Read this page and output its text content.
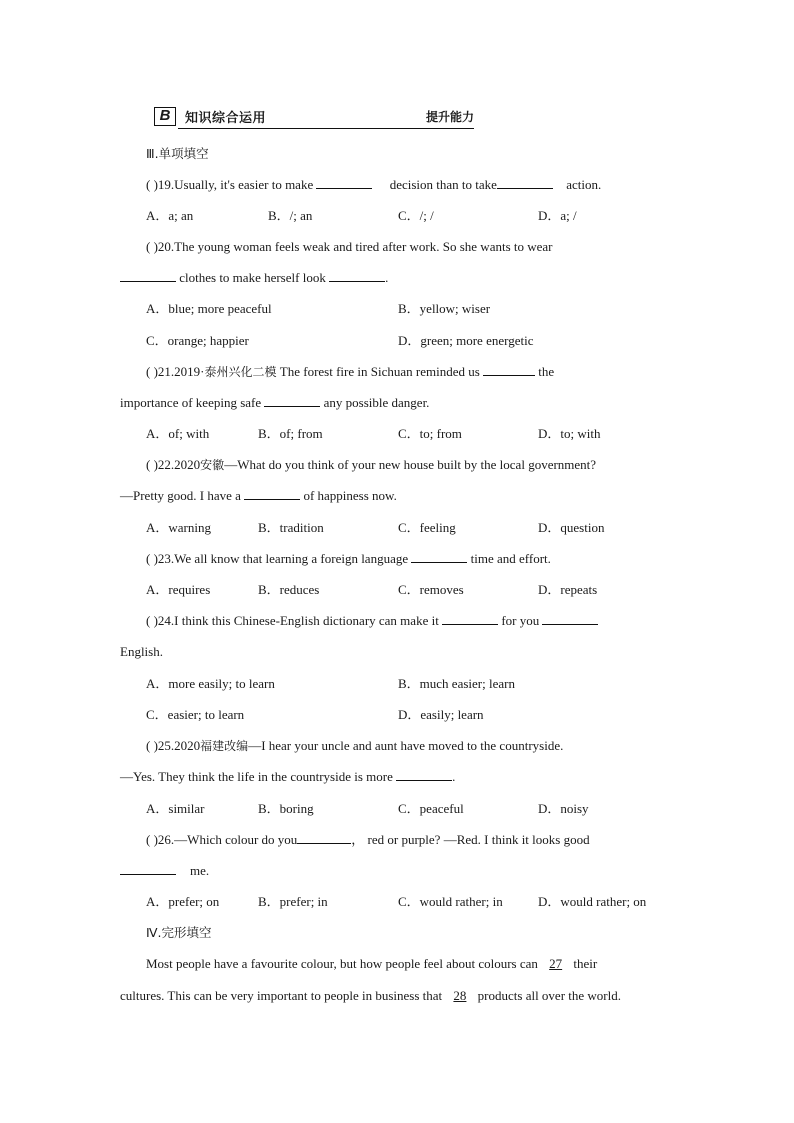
B	知识综合运用	提升能力
Ⅲ.单项填空
( )19.Usually, it's easier to make	decision than to take	action.
A．a; an	B．/; an	C．/; /	D．a; /
( )20.The young woman feels weak and tired after work. So she wants to wear
clothes to make herself look	.
A．blue; more peaceful	B．yellow; wiser
C．orange; happier	D．green; more energetic
( )21.2019·泰州兴化二模 The forest fire in Sichuan reminded us	the
importance of keeping safe	any possible danger.
A．of; with	B．of; from	C．to; from	D．to; with
( )22.2020安徽—What do you think of your new house built by the local government?
—Pretty good. I have a	of happiness now.
A．warning	B．tradition	C．feeling	D．question
( )23.We all know that learning a foreign language	time and effort.
A．requires	B．reduces	C．removes	D．repeats
( )24.I think this Chinese-English dictionary can make it	for you
English.
A．more easily; to learn	B．much easier; learn
C．easier; to learn	D．easily; learn
( )25.2020福建改编—I hear your uncle and aunt have moved to the countryside.
—Yes. They think the life in the countryside is more	.
A．similar	B．boring	C．peaceful	D．noisy
( )26.—Which colour do you	， red or purple? —Red. I think it looks good
me.
A．prefer; on	B．prefer; in	C．would rather; in	D．would rather; on
Ⅳ.完形填空
Most people have a favourite colour, but how people feel about colours can 27 their
cultures. This can be very important to people in business that 28 products all over the world.
